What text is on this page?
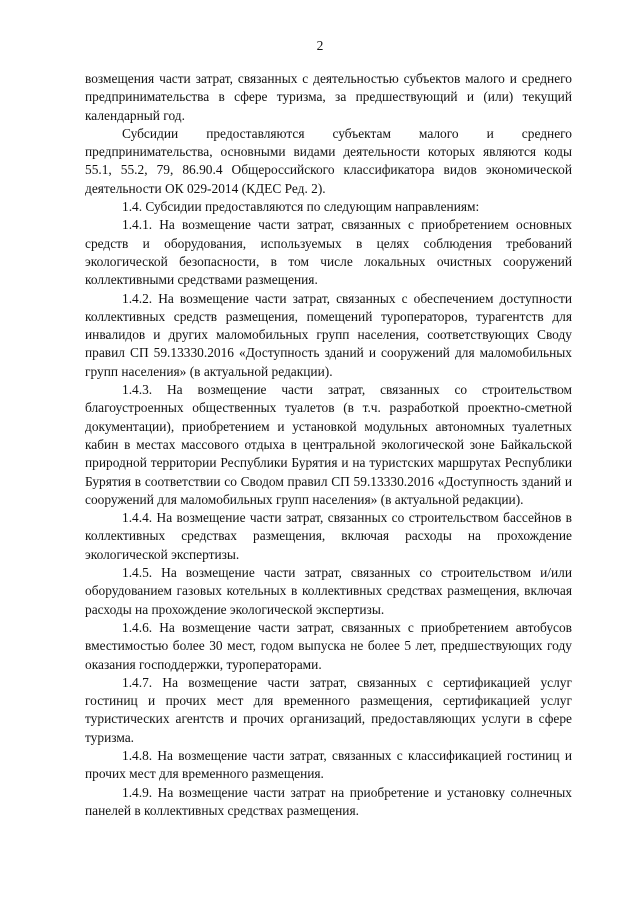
2

возмещения части затрат, связанных с деятельностью субъектов малого и среднего предпринимательства в сфере туризма, за предшествующий и (или) текущий календарный год.

Субсидии предоставляются субъектам малого и среднего предпринимательства, основными видами деятельности которых являются коды 55.1, 55.2, 79, 86.90.4 Общероссийского классификатора видов экономической деятельности ОК 029-2014 (КДЕС Ред. 2).

1.4. Субсидии предоставляются по следующим направлениям:

1.4.1. На возмещение части затрат, связанных с приобретением основных средств и оборудования, используемых в целях соблюдения требований экологической безопасности, в том числе локальных очистных сооружений коллективными средствами размещения.

1.4.2. На возмещение части затрат, связанных с обеспечением доступности коллективных средств размещения, помещений туроператоров, турагентств для инвалидов и других маломобильных групп населения, соответствующих Своду правил СП 59.13330.2016 «Доступность зданий и сооружений для маломобильных групп населения» (в актуальной редакции).

1.4.3. На возмещение части затрат, связанных со строительством благоустроенных общественных туалетов (в т.ч. разработкой проектно-сметной документации), приобретением и установкой модульных автономных туалетных кабин в местах массового отдыха в центральной экологической зоне Байкальской природной территории Республики Бурятия и на туристских маршрутах Республики Бурятия в соответствии со Сводом правил СП 59.13330.2016 «Доступность зданий и сооружений для маломобильных групп населения» (в актуальной редакции).

1.4.4. На возмещение части затрат, связанных со строительством бассейнов в коллективных средствах размещения, включая расходы на прохождение экологической экспертизы.

1.4.5. На возмещение части затрат, связанных со строительством и/или оборудованием газовых котельных в коллективных средствах размещения, включая расходы на прохождение экологической экспертизы.

1.4.6. На возмещение части затрат, связанных с приобретением автобусов вместимостью более 30 мест, годом выпуска не более 5 лет, предшествующих году оказания господдержки, туроператорами.

1.4.7. На возмещение части затрат, связанных с сертификацией услуг гостиниц и прочих мест для временного размещения, сертификацией услуг туристических агентств и прочих организаций, предоставляющих услуги в сфере туризма.

1.4.8. На возмещение части затрат, связанных с классификацией гостиниц и прочих мест для временного размещения.

1.4.9. На возмещение части затрат на приобретение и установку солнечных панелей в коллективных средствах размещения.
